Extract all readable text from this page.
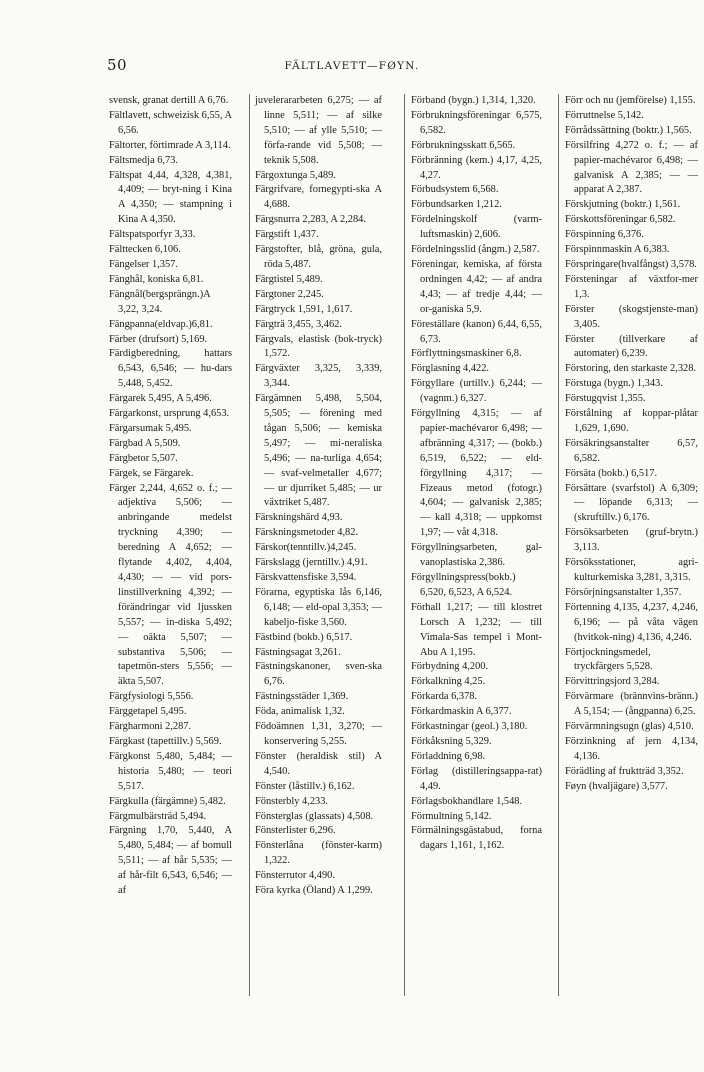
50	FÄLTLAVETT—FØYN.

svensk, granat dertill A 6,76.

Fältlavett, schweizisk 6,55, A 6,56.

Fältorter, förtimrade A 3,114.

Fältsmedja 6,73.

Fältspat 4,44, 4,328, 4,381, 4,409; — bryt-ning i Kina A 4,350; — stampning i Kina A 4,350.

Fältspatsporfyr 3,33.

Fälttecken 6,106.

Fängelser 1,357.

Fänghål, koniska 6,81.

Fängnål(bergsprängn.)A 3,22, 3,24.

Fängpanna(eldvap.)6,81.

Färber (drufsort) 5,169.

Färdigberedning, hattars 6,543, 6,546; — hu-dars 5,448, 5,452.

Färgarek 5,495, A 5,496.

Färgarkonst, ursprung 4,653.

Färgarsumak 5,495.

Färgbad A 5,509.

Färgbetor 5,507.

Färgek, se Färgarek.

Färger 2,244, 4,652 o. f.; — adjektiva 5,506; — anbringande medelst tryckning 4,390; — beredning A 4,652; — flytande 4,402, 4,404, 4,430; — — vid pors-linstillverkning 4,392; — förändringar vid ljussken 5,557; — in-diska 5,492; — oäkta 5,507; — substantiva 5,506; — tapetmön-sters 5,556; — äkta 5,507.

Färgfysiologi 5,556.

Färggetapel 5,495.

Färgharmoni 2,287.

Färgkast (tapettillv.) 5,569.

Färgkonst 5,480, 5,484; — historia 5,480; — teori 5,517.

Färgkulla (färgämne) 5,482.

Färgmulbärsträd 5,494.

Färgning 1,70, 5,440, A 5,480, 5,484; — af bomull 5,511; — af hår 5,535; — af hår-filt 6,543, 6,546; — af

juvelerararbeten 6,275; — af linne 5,511; — af silke 5,510; — af ylle 5,510; — förfa-rande vid 5,508; — teknik 5,508.

Färgoxtunga 5,489.

Färgrifvare, fornegypti-ska A 4,688.

Färgsnurra 2,283, A 2,284.

Färgstift 1,437.

Färgstofter, blå, gröna, gula, röda 5,487.

Färgtistel 5,489.

Färgtoner 2,245.

Färgtryck 1,591, 1,617.

Färgträ 3,455, 3,462.

Färgvals, elastisk (bok-tryck) 1,572.

Färgväxter 3,325, 3,339, 3,344.

Färgämnen 5,498, 5,504, 5,505; — förening med tågan 5,506; — kemiska 5,497; — mi-neraliska 5,496; — na-turliga 4,654; — svaf-velmetaller 4,677; — ur djurriket 5,485; — ur växtriket 5,487.

Färskningshärd 4,93.

Färskningsmetoder 4,82.

Färskor(tenntillv.)4,245.

Färskslagg (jerntillv.) 4,91.

Färskvattensfiske 3,594.

Förarna, egyptiska lås 6,146, 6,148; — eld-opal 3,353; — kabeljo-fiske 3,560.

Fästbind (bokb.) 6,517.

Fästningsagat 3,261.

Fästningskanoner, sven-ska 6,76.

Fästningsstäder 1,369.

Föda, animalisk 1,32.

Födoämnen 1,31, 3,270; — konservering 5,255.

Fönster (heraldisk stil) A 4,540.

Fönster (låstillv.) 6,162.

Fönsterbly 4,233.

Fönsterglas (glassats) 4,508.

Fönsterlister 6,296.

Fönsterlåna (fönster-karm) 1,322.

Fönsterrutor 4,490.

Föra kyrka (Öland) A 1,299.

Förband (bygn.) 1,314, 1,320.

Förbrukningsföreningar 6,575, 6,582.

Förbrukningsskatt 6,565.

Förbränning (kem.) 4,17, 4,25, 4,27.

Förbudsystem 6,568.

Förbundsarken 1,212.

Fördelningskolf (varm-luftsmaskin) 2,606.

Fördelningsslid (ångm.) 2,587.

Föreningar, kemiska, af första ordningen 4,42; — af andra 4,43; — af tredje 4,44; — or-ganiska 5,9.

Föreställare (kanon) 6,44, 6,55, 6,73.

Förflyttningsmaskiner 6,8.

Förglasning 4,422.

Förgyllare (urtillv.) 6,244; — (vagnm.) 6,327.

Förgyllning 4,315; — af papier-machévaror 6,498; — afbränning 4,317; — (bokb.) 6,519, 6,522; — eld-förgyllning 4,317; — Fizeaus metod (fotogr.) 4,604; — galvanisk 2,385; — kall 4,318; — uppkomst 1,97; — våt 4,318.

Förgyllningsarbeten, gal-vanoplastiska 2,386.

Förgyllningspress(bokb.) 6,520, 6,523, A 6,524.

Förhall 1,217; — till klostret Lorsch A 1,232; — till Vimala-Sas tempel i Mont-Abu A 1,195.

Förbydning 4,200.

Förkalkning 4,25.

Förkarda 6,378.

Förkardmaskin A 6,377.

Förkastningar (geol.) 3,180.

Förkåksning 5,329.

Förladdning 6,98.

Förlag (distilleringsappa-rat) 4,49.

Förlagsbokhandlare 1,548.

Förmultning 5,142.

Förmälningsgästabud, forna dagars 1,161, 1,162.

Förr och nu (jemförelse) 1,155.

Förruttnelse 5,142.

Förrådssättning (boktr.) 1,565.

Försilfring 4,272 o. f.; — af papier-machévaror 6,498; — galvanisk A 2,385; — — apparat A 2,387.

Förskjutning (boktr.) 1,561.

Förskottsföreningar 6,582.

Förspinning 6,376.

Förspinnmaskin A 6,383.

Förspringare(hvalfångst) 3,578.

Försteningar af växtfor-mer 1,3.

Förster (skogstjenste-man) 3,405.

Förster (tillverkare af automater) 6,239.

Förstoring, den starkaste 2,328.

Förstuga (bygn.) 1,343.

Förstugqvist 1,355.

Förstålning af koppar-plåtar 1,629, 1,690.

Försäkringsanstalter 6,57, 6,582.

Försäta (bokb.) 6,517.

Försättare (svarfstol) A 6,309; — löpande 6,313; — (skruftillv.) 6,176.

Försöksarbeten (gruf-brytn.) 3,113.

Försöksstationer, agri-kulturkemiska 3,281, 3,315.

Försörjningsanstalter 1,357.

Förtenning 4,135, 4,237, 4,246, 6,196; — på våta vägen (hvitkok-ning) 4,136, 4,246.

Förtjockningsmedel, tryckfärgers 5,528.

Förvittringsjord 3,284.

Förvärmare (brännvins-bränn.) A 5,154; — (ångpanna) 6,25.

Förvärmningsugn (glas) 4,510.

Förzinkning af jern 4,134, 4,136.

Förädling af fruktträd 3,352.

Føyn (hvaljägare) 3,577.
